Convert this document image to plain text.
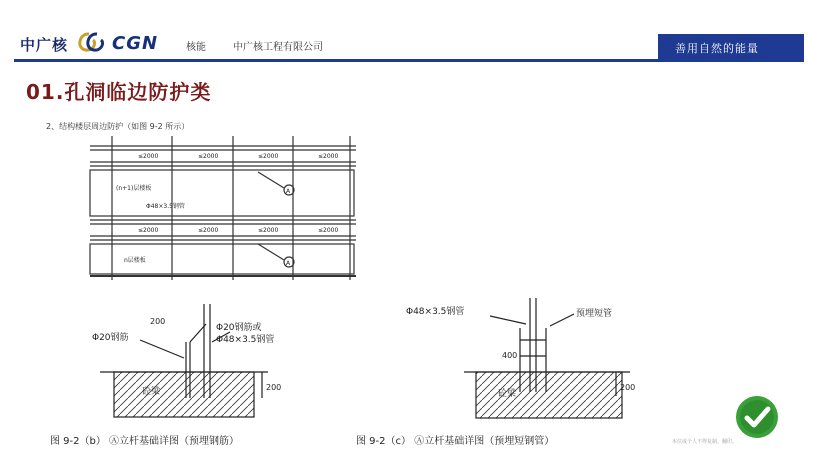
中广核 CGN	核能	中广核工程有限公司	善用自然的能量
01.孔洞临边防护类
2、结构楼层周边防护（如图 9-2 所示）
≤2000	≤2000	≤2000	≤2000
≤2000	≤2000	≤2000	≤2000
(n+1)层楼板
Φ48×3.5钢管
n层楼板
A
A
200
Φ20钢筋
Φ20钢筋或
Φ48×3.5钢管
200
砼梁
Φ48×3.5钢管	预埋短管
400
200
砼梁
图 9-2（b） Ⓐ立杆基础详图（预埋钢筋）	图 9-2（c） Ⓐ立杆基础详图（预埋短钢管）	本位或个人不得复制、翻印。
